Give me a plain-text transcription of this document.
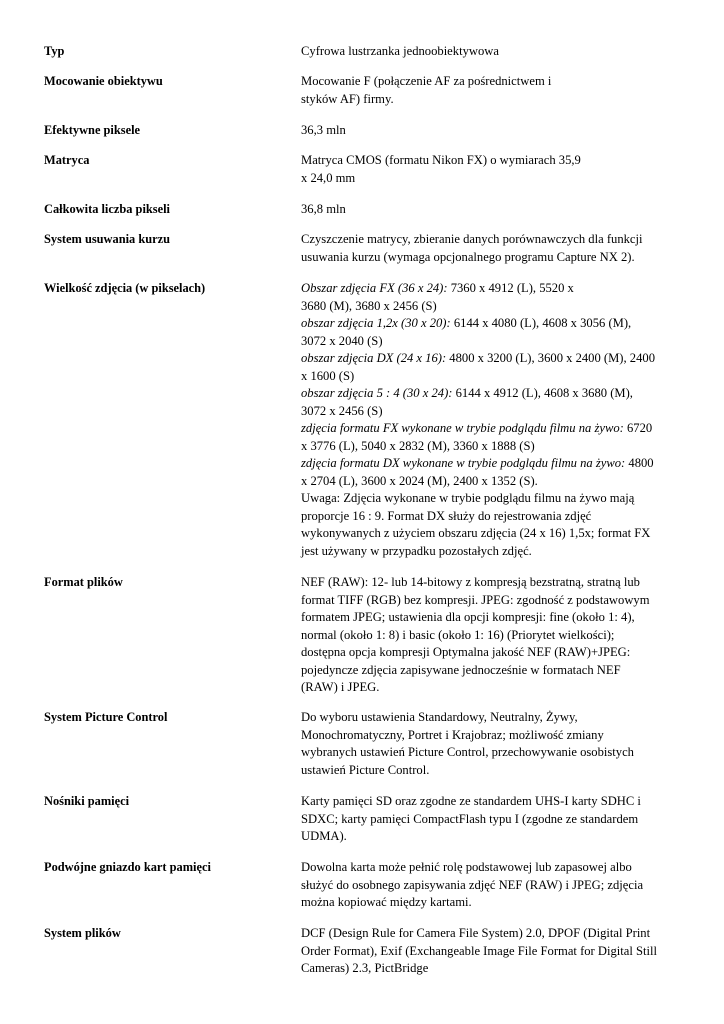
Typ	Cyfrowa lustrzanka jednoobiektywowa
Mocowanie obiektywu	Mocowanie F (połączenie AF za pośrednictwem i
styków AF) firmy.
Efektywne piksele	36,3 mln
Matryca	Matryca CMOS (formatu Nikon FX) o wymiarach 35,9
x 24,0 mm
Całkowita liczba pikseli	36,8 mln
System usuwania kurzu	Czyszczenie matrycy, zbieranie danych porównawczych dla funkcji
usuwania kurzu (wymaga opcjonalnego programu Capture NX 2).
Wielkość zdjęcia (w pikselach)	Obszar zdjęcia FX (36 x 24): 7360 x 4912 (L), 5520 x
3680 (M), 3680 x 2456 (S)
obszar zdjęcia 1,2x (30 x 20): 6144 x 4080 (L), 4608 x 3056 (M),
3072 x 2040 (S)
obszar zdjęcia DX (24 x 16): 4800 x 3200 (L), 3600 x 2400 (M), 2400
x 1600 (S)
obszar zdjęcia 5 : 4 (30 x 24): 6144 x 4912 (L), 4608 x 3680 (M),
3072 x 2456 (S)
zdjęcia formatu FX wykonane w trybie podglądu filmu na żywo: 6720
x 3776 (L), 5040 x 2832 (M), 3360 x 1888 (S)
zdjęcia formatu DX wykonane w trybie podglądu filmu na żywo: 4800
x 2704 (L), 3600 x 2024 (M), 2400 x 1352 (S).
Uwaga: Zdjęcia wykonane w trybie podglądu filmu na żywo mają
proporcje 16 : 9. Format DX służy do rejestrowania zdjęć
wykonywanych z użyciem obszaru zdjęcia (24 x 16) 1,5x; format FX
jest używany w przypadku pozostałych zdjęć.
Format plików	NEF (RAW): 12- lub 14-bitowy z kompresją bezstratną, stratną lub
format TIFF (RGB) bez kompresji. JPEG: zgodność z podstawowym
formatem JPEG; ustawienia dla opcji kompresji: fine (około 1: 4),
normal (około 1: 8) i basic (około 1: 16) (Priorytet wielkości);
dostępna opcja kompresji Optymalna jakość NEF (RAW)+JPEG:
pojedyncze zdjęcia zapisywane jednocześnie w formatach NEF
(RAW) i JPEG.
System Picture Control	Do wyboru ustawienia Standardowy, Neutralny, Żywy,
Monochromatyczny, Portret i Krajobraz; możliwość zmiany
wybranych ustawień Picture Control, przechowywanie osobistych
ustawień Picture Control.
Nośniki pamięci	Karty pamięci SD oraz zgodne ze standardem UHS-I karty SDHC i
SDXC; karty pamięci CompactFlash typu I (zgodne ze standardem
UDMA).
Podwójne gniazdo kart pamięci	Dowolna karta może pełnić rolę podstawowej lub zapasowej albo
służyć do osobnego zapisywania zdjęć NEF (RAW) i JPEG; zdjęcia
można kopiować między kartami.
System plików	DCF (Design Rule for Camera File System) 2.0, DPOF (Digital Print
Order Format), Exif (Exchangeable Image File Format for Digital Still
Cameras) 2.3, PictBridge
